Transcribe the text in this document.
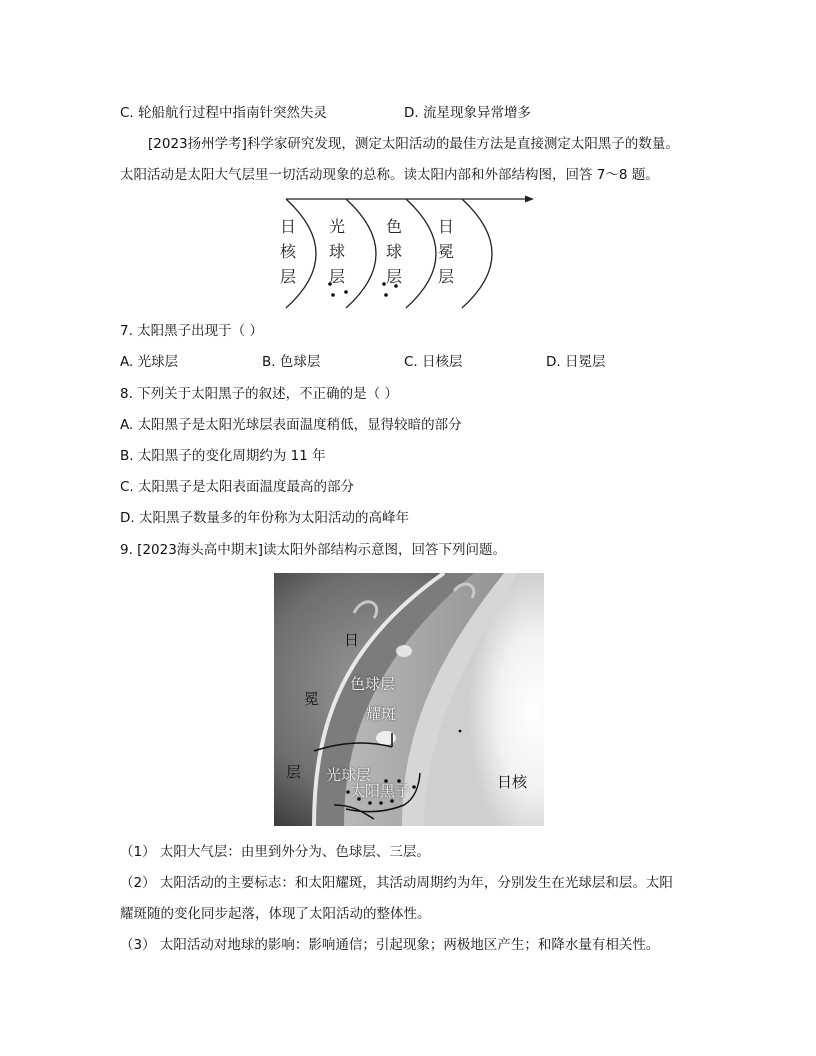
C. 轮船航行过程中指南针突然失灵	D. 流星现象异常增多
[2023扬州学考]科学家研究发现，测定太阳活动的最佳方法是直接测定太阳黑子的数量。
太阳活动是太阳大气层里一切活动现象的总称。读太阳内部和外部结构图，回答 7～8 题。
日核层
光球层
色球层
日冕层
7. 太阳黑子出现于（ ）
A. 光球层	B. 色球层	C. 日核层	D. 日冕层
8. 下列关于太阳黑子的叙述，不正确的是（ ）
A. 太阳黑子是太阳光球层表面温度稍低，显得较暗的部分
B. 太阳黑子的变化周期约为 11 年
C. 太阳黑子是太阳表面温度最高的部分
D. 太阳黑子数量多的年份称为太阳活动的高峰年
9. [2023海头高中期末]读太阳外部结构示意图，回答下列问题。
日
冕
层
色球层
耀斑
光球层
太阳黑子	日核
（1） 太阳大气层：由里到外分为、色球层、三层。
（2） 太阳活动的主要标志：和太阳耀斑，其活动周期约为年，分别发生在光球层和层。太阳
耀斑随的变化同步起落，体现了太阳活动的整体性。
（3） 太阳活动对地球的影响：影响通信；引起现象；两极地区产生；和降水量有相关性。
